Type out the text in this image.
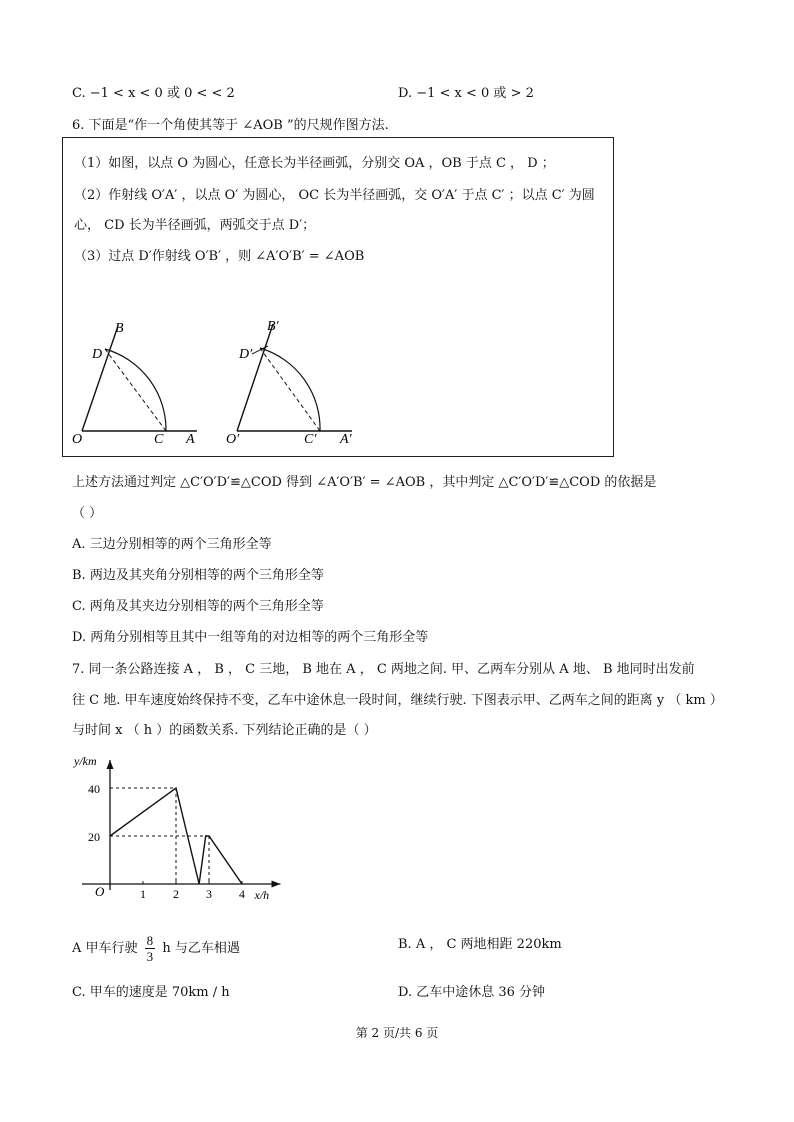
C. −1 < x < 0 或 0 < < 2	D. −1 < x < 0 或 > 2
6. 下面是“作一个角使其等于 ∠AOB ”的尺规作图方法.
（1）如图，以点 O 为圆心，任意长为半径画弧，分别交 OA ，OB 于点 C ， D ；
（2）作射线 O′A′ ，以点 O′ 为圆心， OC 长为半径画弧，交 O′A′ 于点 C′ ；以点 C′ 为圆
心， CD 长为半径画弧，两弧交于点 D′；
（3）过点 D′作射线 O′B′ ，则 ∠A′O′B′ = ∠AOB
B
D
O	C A
B′
D′
O′	C′ A′
上述方法通过判定 △C′O′D′≌△COD 得到 ∠A′O′B′ = ∠AOB ，其中判定 △C′O′D′≌△COD 的依据是
（ ）
A. 三边分别相等的两个三角形全等
B. 两边及其夹角分别相等的两个三角形全等
C. 两角及其夹边分别相等的两个三角形全等
D. 两角分别相等且其中一组等角的对边相等的两个三角形全等
7. 同一条公路连接 A ， B ， C 三地， B 地在 A ， C 两地之间. 甲、乙两车分别从 A 地、 B 地同时出发前
往 C 地. 甲车速度始终保持不变，乙车中途休息一段时间，继续行驶. 下图表示甲、乙两车之间的距离 y （ km ）
与时间 x （ h ）的函数关系. 下列结论正确的是（ ）
x/h
y/km
O	1 2 3 4
20
40
A 甲车行驶 $\frac{8}{3}$ h 与乙车相遇	B. A ， C 两地相距 220km
C. 甲车的速度是 70km / h	D. 乙车中途休息 36 分钟
第 2 页/共 6 页
